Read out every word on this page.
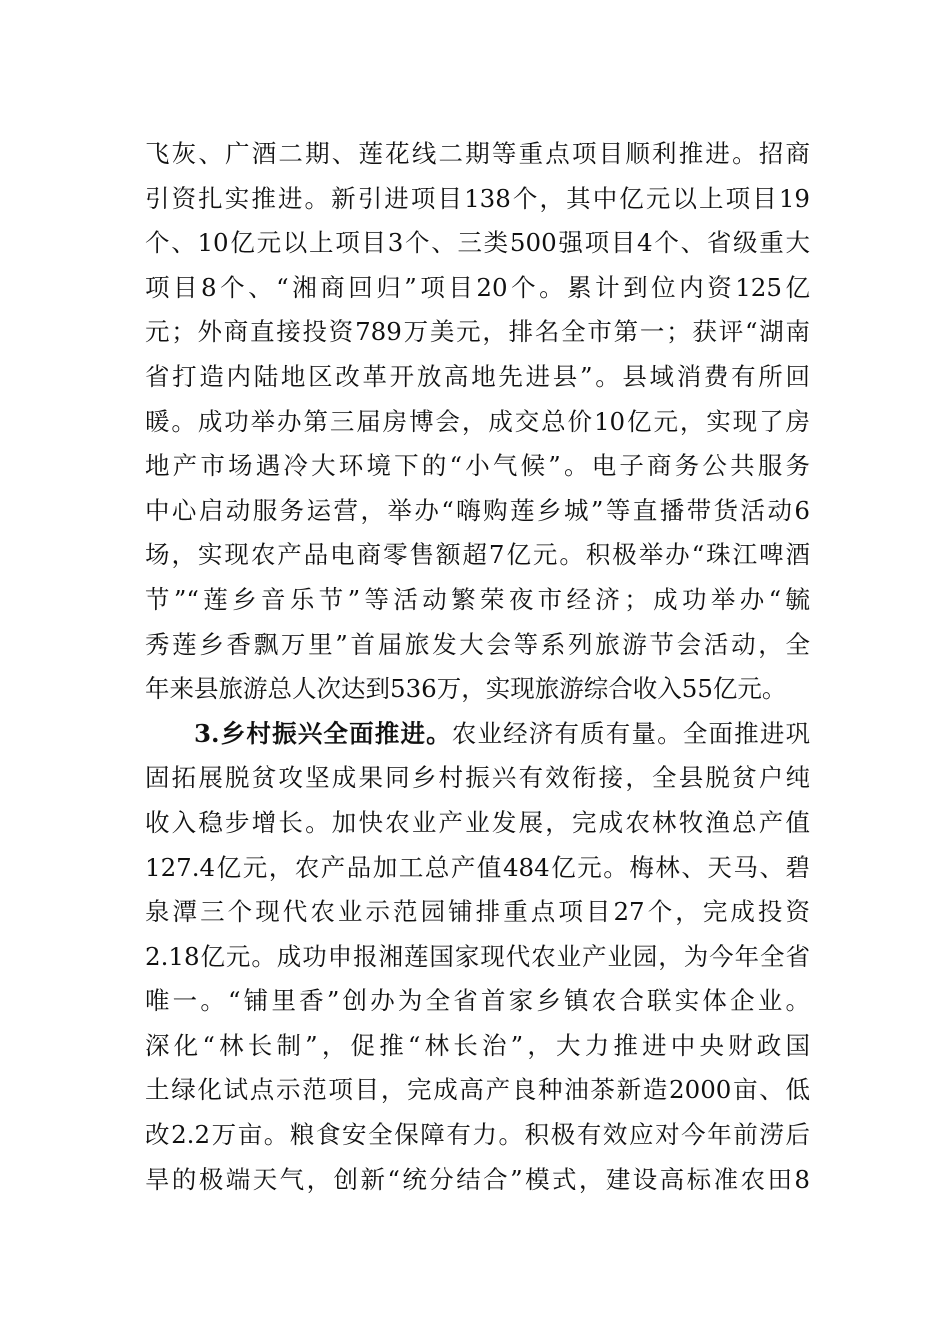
飞灰、广酒二期、莲花线二期等重点项目顺利推进。招商
引资扎实推进。新引进项目138个，其中亿元以上项目19
个、10亿元以上项目3个、三类500强项目4个、省级重大
项目8个、“湘商回归”项目20个。累计到位内资125亿
元；外商直接投资789万美元，排名全市第一；获评“湖南
省打造内陆地区改革开放高地先进县”。县域消费有所回
暖。成功举办第三届房博会，成交总价10亿元，实现了房
地产市场遇冷大环境下的“小气候”。电子商务公共服务
中心启动服务运营，举办“嗨购莲乡城”等直播带货活动6
场，实现农产品电商零售额超7亿元。积极举办“珠江啤酒
节”“莲乡音乐节”等活动繁荣夜市经济；成功举办“毓
秀莲乡香飘万里”首届旅发大会等系列旅游节会活动，全
年来县旅游总人次达到536万，实现旅游综合收入55亿元。
3.乡村振兴全面推进。农业经济有质有量。全面推进巩
固拓展脱贫攻坚成果同乡村振兴有效衔接，全县脱贫户纯
收入稳步增长。加快农业产业发展，完成农林牧渔总产值
127.4亿元，农产品加工总产值484亿元。梅林、天马、碧
泉潭三个现代农业示范园铺排重点项目27个，完成投资
2.18亿元。成功申报湘莲国家现代农业产业园，为今年全省
唯一。“铺里香”创办为全省首家乡镇农合联实体企业。
深化“林长制”，促推“林长治”，大力推进中央财政国
土绿化试点示范项目，完成高产良种油茶新造2000亩、低
改2.2万亩。粮食安全保障有力。积极有效应对今年前涝后
旱的极端天气，创新“统分结合”模式，建设高标准农田8
